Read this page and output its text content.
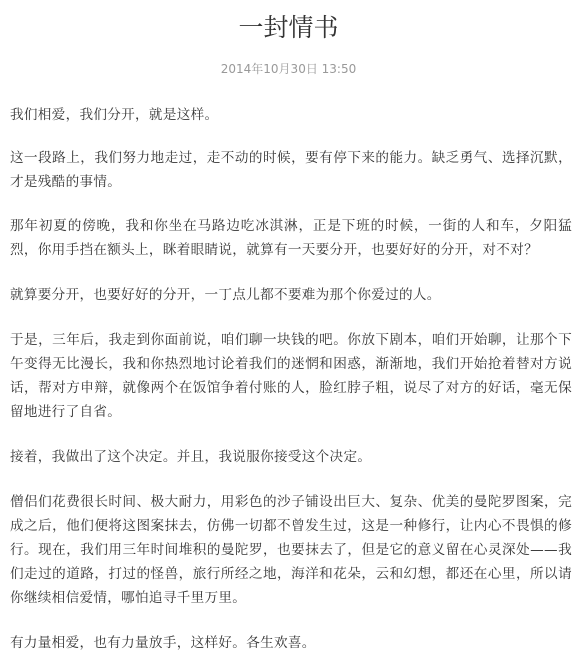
一封情书
2014年10月30日 13:50

我们相爱，我们分开，就是这样。

这一段路上，我们努力地走过，走不动的时候，要有停下来的能力。缺乏勇气、选择沉默，才是残酷的事情。

那年初夏的傍晚，我和你坐在马路边吃冰淇淋，正是下班的时候，一街的人和车，夕阳猛烈，你用手挡在额头上，眯着眼睛说，就算有一天要分开，也要好好的分开，对不对？

就算要分开，也要好好的分开，一丁点儿都不要难为那个你爱过的人。

于是，三年后，我走到你面前说，咱们聊一块钱的吧。你放下剧本，咱们开始聊，让那个下午变得无比漫长，我和你热烈地讨论着我们的迷惘和困惑，渐渐地，我们开始抢着替对方说话，帮对方申辩，就像两个在饭馆争着付账的人，脸红脖子粗，说尽了对方的好话，毫无保留地进行了自省。

接着，我做出了这个决定。并且，我说服你接受这个决定。

僧侣们花费很长时间、极大耐力，用彩色的沙子铺设出巨大、复杂、优美的曼陀罗图案，完成之后，他们便将这图案抹去，仿佛一切都不曾发生过，这是一种修行，让内心不畏惧的修行。现在，我们用三年时间堆积的曼陀罗，也要抹去了，但是它的意义留在心灵深处——我们走过的道路，打过的怪兽，旅行所经之地，海洋和花朵，云和幻想，都还在心里，所以请你继续相信爱情，哪怕追寻千里万里。

有力量相爱，也有力量放手，这样好。各生欢喜。
